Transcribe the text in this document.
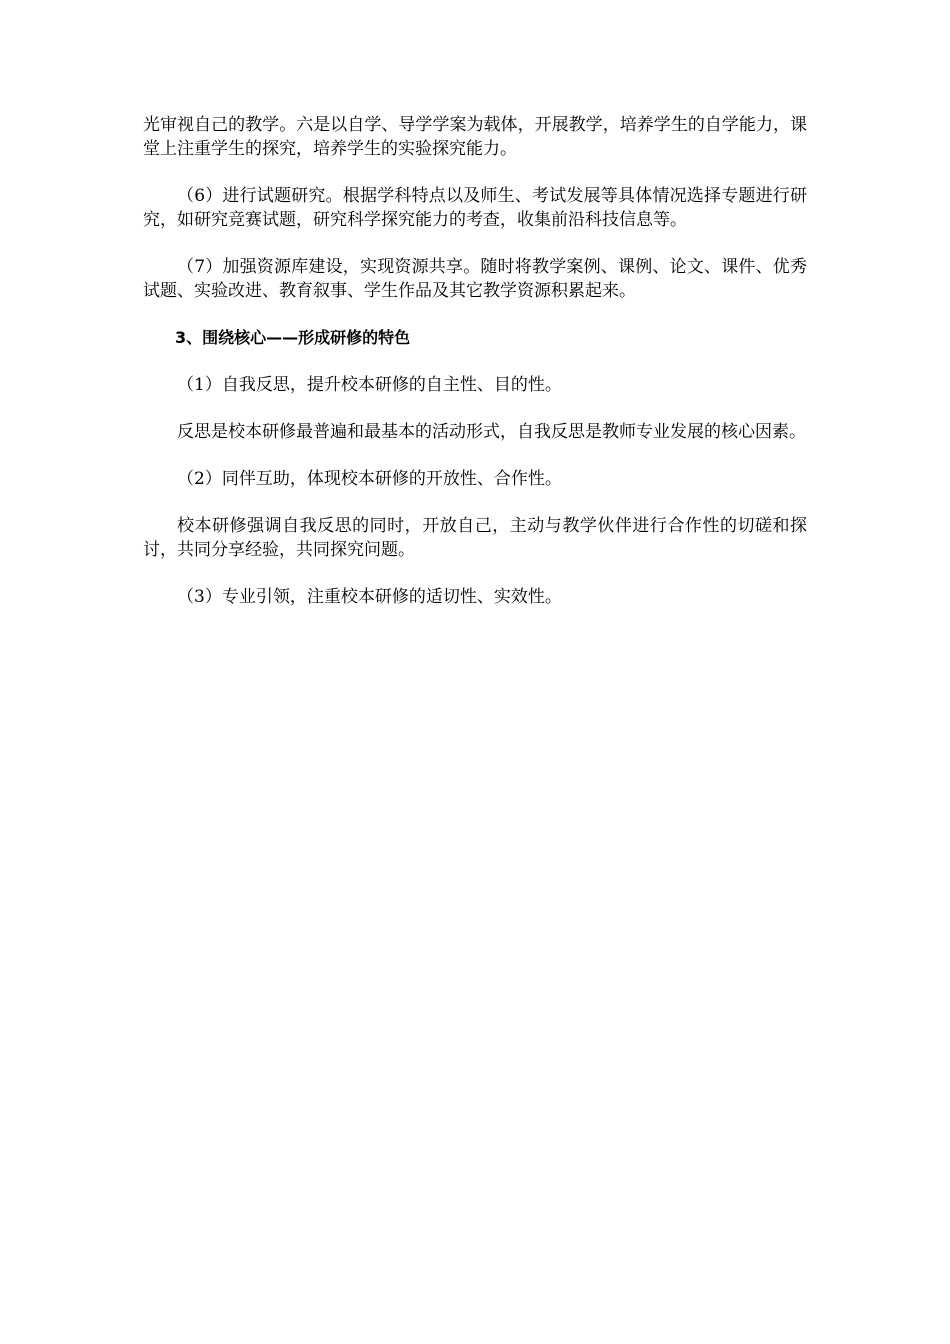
光审视自己的教学。六是以自学、导学学案为载体，开展教学，培养学生的自学能力，课堂上注重学生的探究，培养学生的实验探究能力。

（6）进行试题研究。根据学科特点以及师生、考试发展等具体情况选择专题进行研究，如研究竞赛试题，研究科学探究能力的考查，收集前沿科技信息等。

（7）加强资源库建设，实现资源共享。随时将教学案例、课例、论文、课件、优秀试题、实验改进、教育叙事、学生作品及其它教学资源积累起来。

3、围绕核心——形成研修的特色

（1）自我反思，提升校本研修的自主性、目的性。

反思是校本研修最普遍和最基本的活动形式，自我反思是教师专业发展的核心因素。

（2）同伴互助，体现校本研修的开放性、合作性。

校本研修强调自我反思的同时，开放自己，主动与教学伙伴进行合作性的切磋和探讨，共同分享经验，共同探究问题。

（3）专业引领，注重校本研修的适切性、实效性。
